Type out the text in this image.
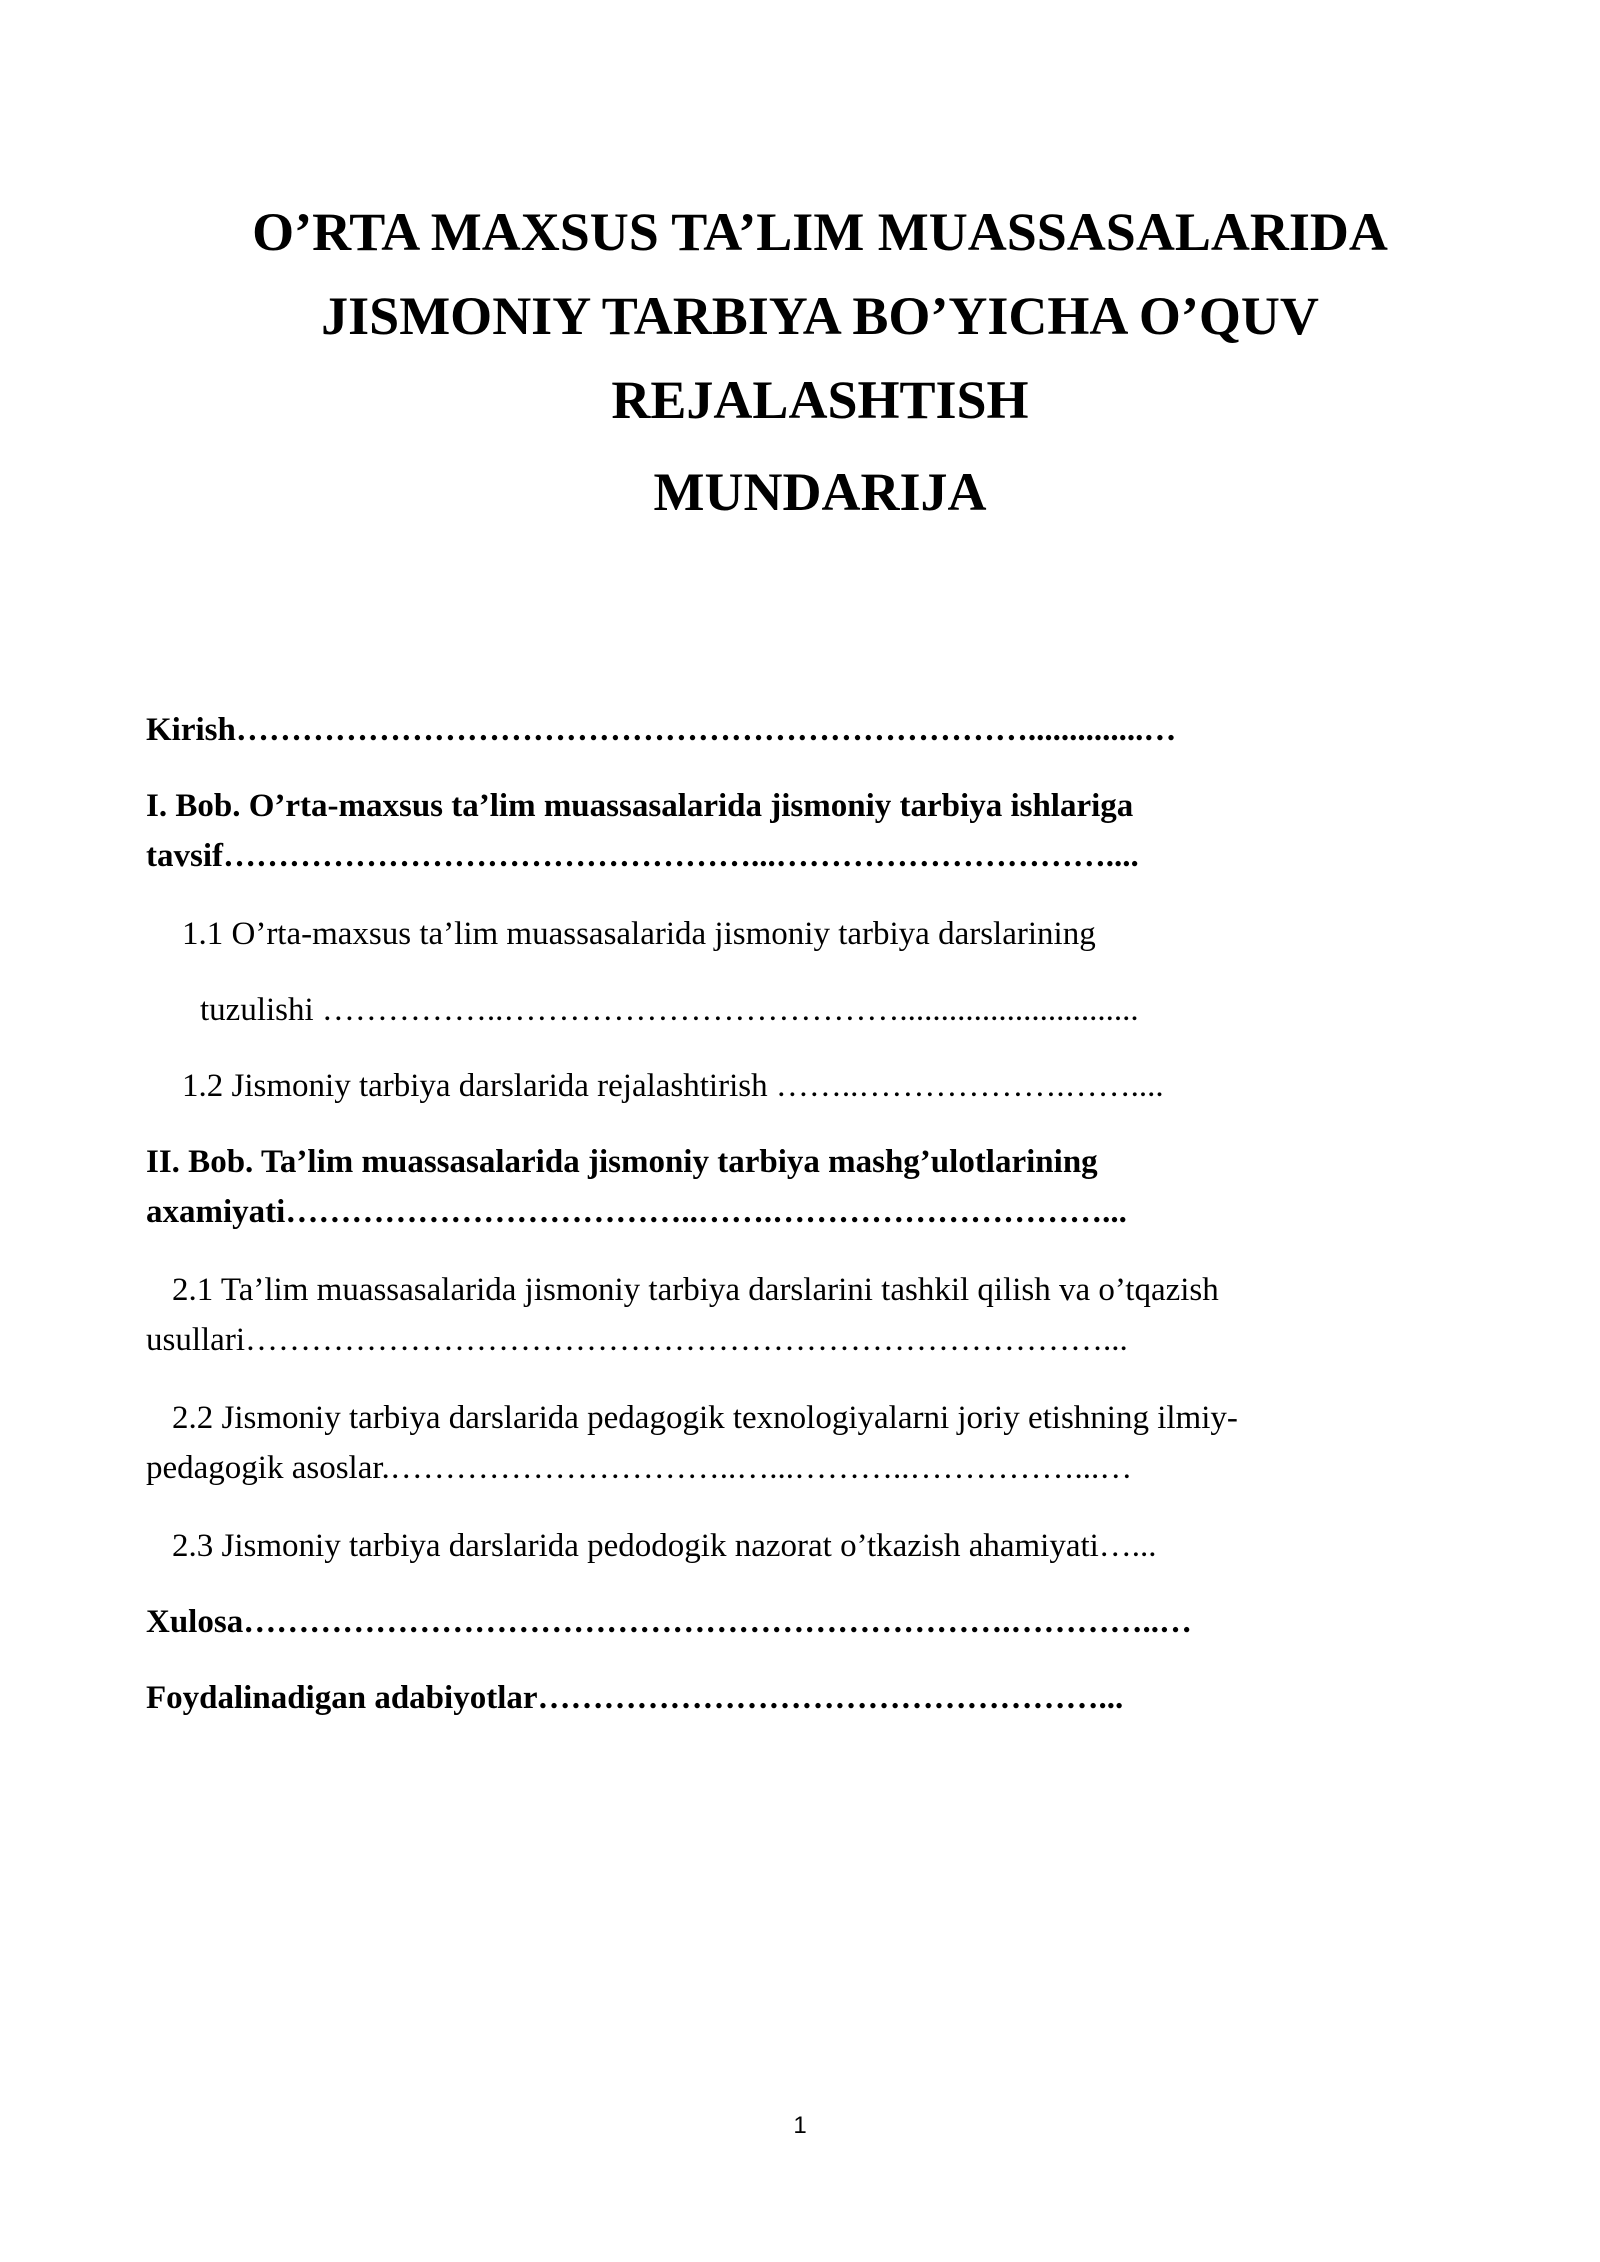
O’RTA MAXSUS TA’LIM MUASSASALARIDA
JISMONIY TARBIYA BO’YICHA O’QUV
REJALASHTISH
MUNDARIJA
Kirish………………………………………………………………..............…
I. Bob. O’rta-maxsus ta’lim muassasalarida jismoniy tarbiya ishlariga
tavsif…………………………………………...…………………………....
1.1 O’rta-maxsus ta’lim muassasalarida jismoniy tarbiya darslarining
tuzulishi ……………..……………………………….............................
1.2 Jismoniy tarbiya darslarida rejalashtirish ……..……………….……....
II. Bob. Ta’lim muassasalarida jismoniy tarbiya mashg’ulotlarining
axamiyati………………………………..…….…………………………...
2.1 Ta’lim muassasalarida jismoniy tarbiya darslarini tashkil qilish va o’tqazish
usullari……………………………………………………………………...
2.2 Jismoniy tarbiya darslarida pedagogik texnologiyalarni joriy etishning ilmiy-
pedagogik asoslar.…………………………..…...………..……………...…
2.3 Jismoniy tarbiya darslarida pedodogik nazorat o’tkazish ahamiyati…...
Xulosa…………………………………………………………….…………..…
Foydalinadigan adabiyotlar……………………………………………...
1
